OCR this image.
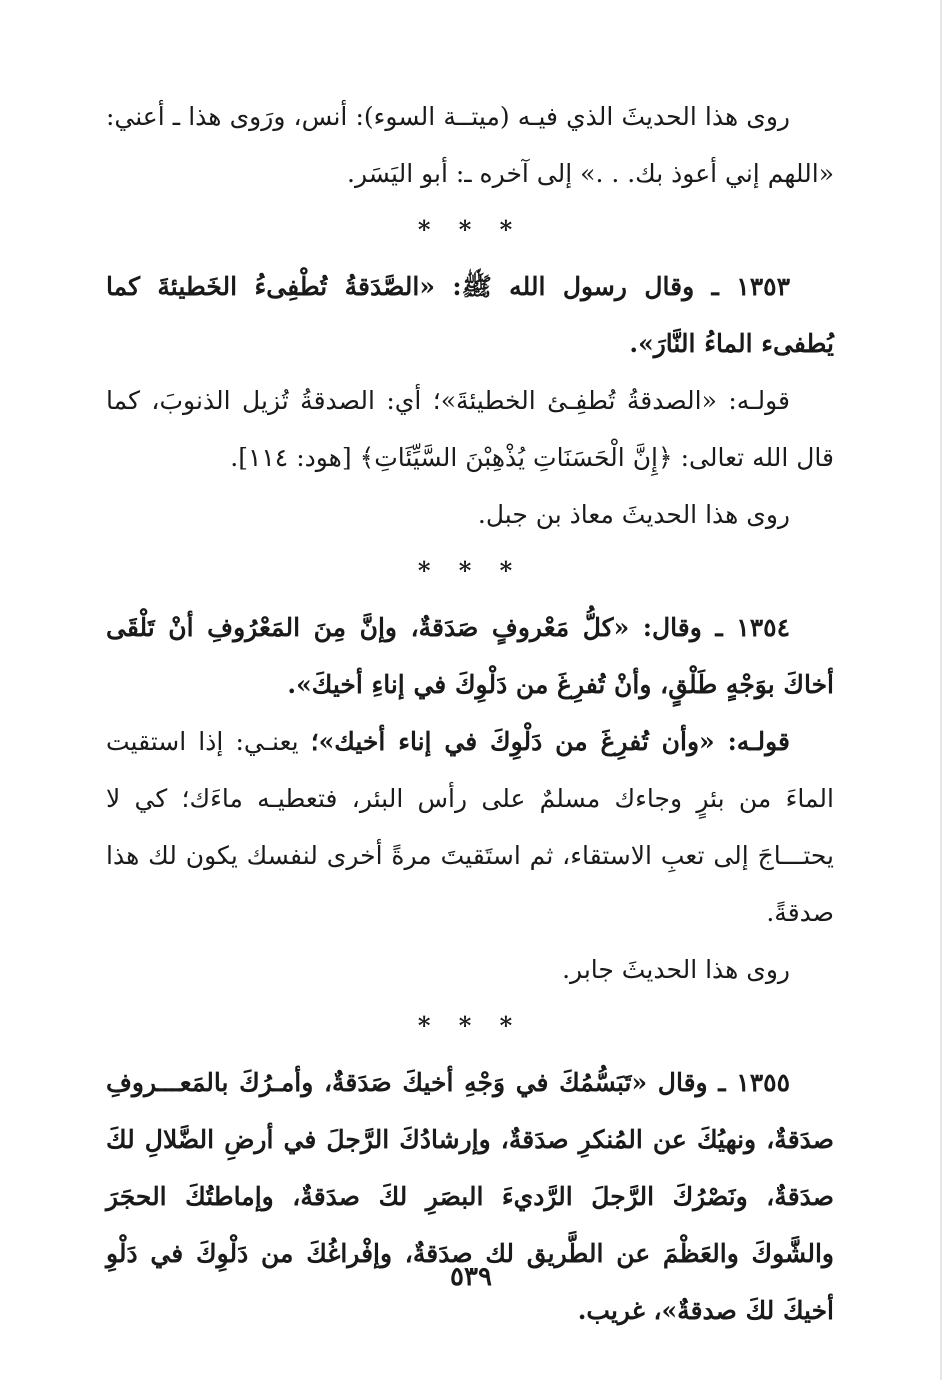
روى هذا الحديثَ الذي فيـه (ميتــة السوء): أنس، ورَوى هذا ـ أعني: «اللهم إني أعوذ بك. . .» إلى آخره ـ: أبو اليَسَر.

* * *

١٣٥٣ ـ وقال رسول الله ﷺ: «الصَّدَقةُ تُطْفِىءُ الخَطيئةَ كما يُطفىء الماءُ النَّارَ».

قولـه: «الصدقةُ تُطفِـئ الخطيئةَ»؛ أي: الصدقةُ تُزيل الذنوبَ، كما قال الله تعالى: ﴿إِنَّ الْحَسَنَاتِ يُذْهِبْنَ السَّيِّئَاتِ﴾ [هود: ١١٤].

روى هذا الحديثَ معاذ بن جبل.

* * *

١٣٥٤ ـ وقال: «كلُّ مَعْروفٍ صَدَقةٌ، وإنَّ مِنَ المَعْرُوفِ أنْ تَلْقَى أخاكَ بوَجْهٍ طَلْقٍ، وأنْ تُفرِغَ من دَلْوِكَ في إناءِ أخيكَ».

قولـه: «وأن تُفرِغَ من دَلْوِكَ في إناء أخيك»؛ يعنـي: إذا استقيت الماءَ من بئرٍ وجاءك مسلمٌ على رأس البئر، فتعطيـه ماءَك؛ كي لا يحتـــاجَ إلى تعبِ الاستقاء، ثم استَقيتَ مرةً أخرى لنفسك يكون لك هذا صدقةً.

روى هذا الحديثَ جابر.

* * *

١٣٥٥ ـ وقال «تَبَسُّمُكَ في وَجْهِ أخيكَ صَدَقةٌ، وأمـرُكَ بالمَعـــروفِ صدَقةٌ، ونهيُكَ عن المُنكرِ صدَقةٌ، وإرشادُكَ الرَّجلَ في أرضِ الضَّلالِ لكَ صدَقةٌ، ونَصْرُكَ الرَّجلَ الرَّديءَ البصَرِ لكَ صدَقةٌ، وإماطتُكَ الحجَرَ والشَّوكَ والعَظْمَ عن الطَّريق لك صدَقةٌ، وإفْراغُكَ من دَلْوِكَ في دَلْوِ أخيكَ لكَ صدقةٌ»، غريب.

٥٣٩
